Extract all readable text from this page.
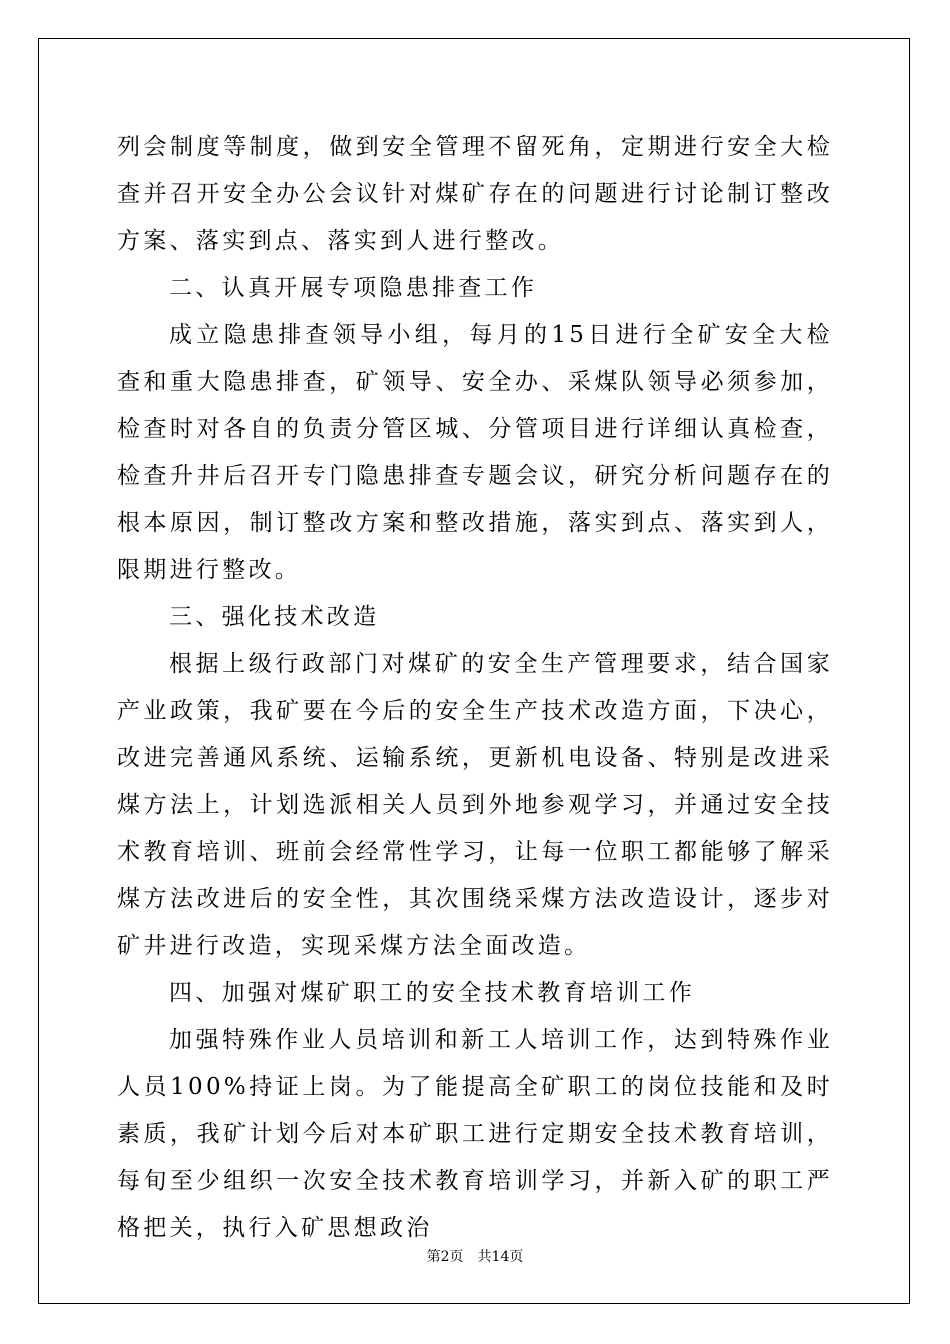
列会制度等制度，做到安全管理不留死角，定期进行安全大检查并召开安全办公会议针对煤矿存在的问题进行讨论制订整改方案、落实到点、落实到人进行整改。

二、认真开展专项隐患排查工作

成立隐患排查领导小组，每月的15日进行全矿安全大检查和重大隐患排查，矿领导、安全办、采煤队领导必须参加，检查时对各自的负责分管区城、分管项目进行详细认真检查，检查升井后召开专门隐患排查专题会议，研究分析问题存在的根本原因，制订整改方案和整改措施，落实到点、落实到人，限期进行整改。

三、强化技术改造

根据上级行政部门对煤矿的安全生产管理要求，结合国家产业政策，我矿要在今后的安全生产技术改造方面，下决心，改进完善通风系统、运输系统，更新机电设备、特别是改进采煤方法上，计划选派相关人员到外地参观学习，并通过安全技术教育培训、班前会经常性学习，让每一位职工都能够了解采煤方法改进后的安全性，其次围绕采煤方法改造设计，逐步对矿井进行改造，实现采煤方法全面改造。

四、加强对煤矿职工的安全技术教育培训工作

加强特殊作业人员培训和新工人培训工作，达到特殊作业人员100%持证上岗。为了能提高全矿职工的岗位技能和及时素质，我矿计划今后对本矿职工进行定期安全技术教育培训，每旬至少组织一次安全技术教育培训学习，并新入矿的职工严格把关，执行入矿思想政治

第2页　共14页
